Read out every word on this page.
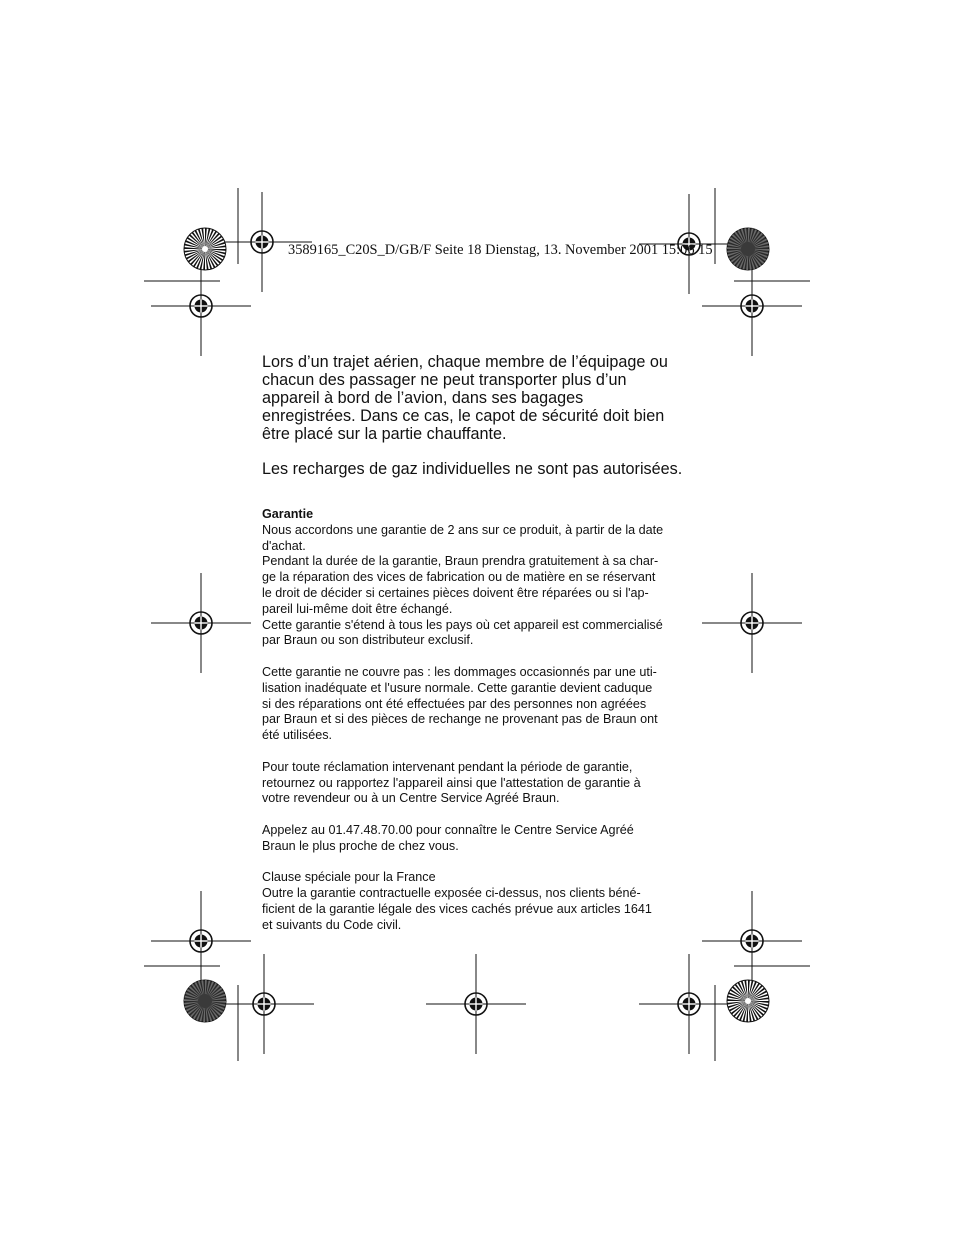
3589165_C20S_D/GB/F Seite 18 Dienstag, 13. November 2001 15:06 15

Lors d’un trajet aérien, chaque membre de l’équipage ou
chacun des passager ne peut transporter plus d’un
appareil à bord de l’avion, dans ses bagages
enregistrées. Dans ce cas, le capot de sécurité doit bien
être placé sur la partie chauffante.

Les recharges de gaz individuelles ne sont pas autorisées.

Garantie

Nous accordons une garantie de 2 ans sur ce produit, à partir de la date
d'achat.
Pendant la durée de la garantie, Braun prendra gratuitement à sa char-
ge la réparation des vices de fabrication ou de matière en se réservant
le droit de décider si certaines pièces doivent être réparées ou si l'ap-
pareil lui-même doit être échangé.
Cette garantie s'étend à tous les pays où cet appareil est commercialisé
par Braun ou son distributeur exclusif.

Cette garantie ne couvre pas : les dommages occasionnés par une uti-
lisation inadéquate et l'usure normale. Cette garantie devient caduque
si des réparations ont été effectuées par des personnes non agréées
par Braun et si des pièces de rechange ne provenant pas de Braun ont
été utilisées.

Pour toute réclamation intervenant pendant la période de garantie,
retournez ou rapportez l'appareil ainsi que l'attestation de garantie à
votre revendeur ou à un Centre Service Agréé Braun.

Appelez au 01.47.48.70.00 pour connaître le Centre Service Agréé
Braun le plus proche de chez vous.

Clause spéciale pour la France
Outre la garantie contractuelle exposée ci-dessus, nos clients béné-
ficient de la garantie légale des vices cachés prévue aux articles 1641
et suivants du Code civil.
